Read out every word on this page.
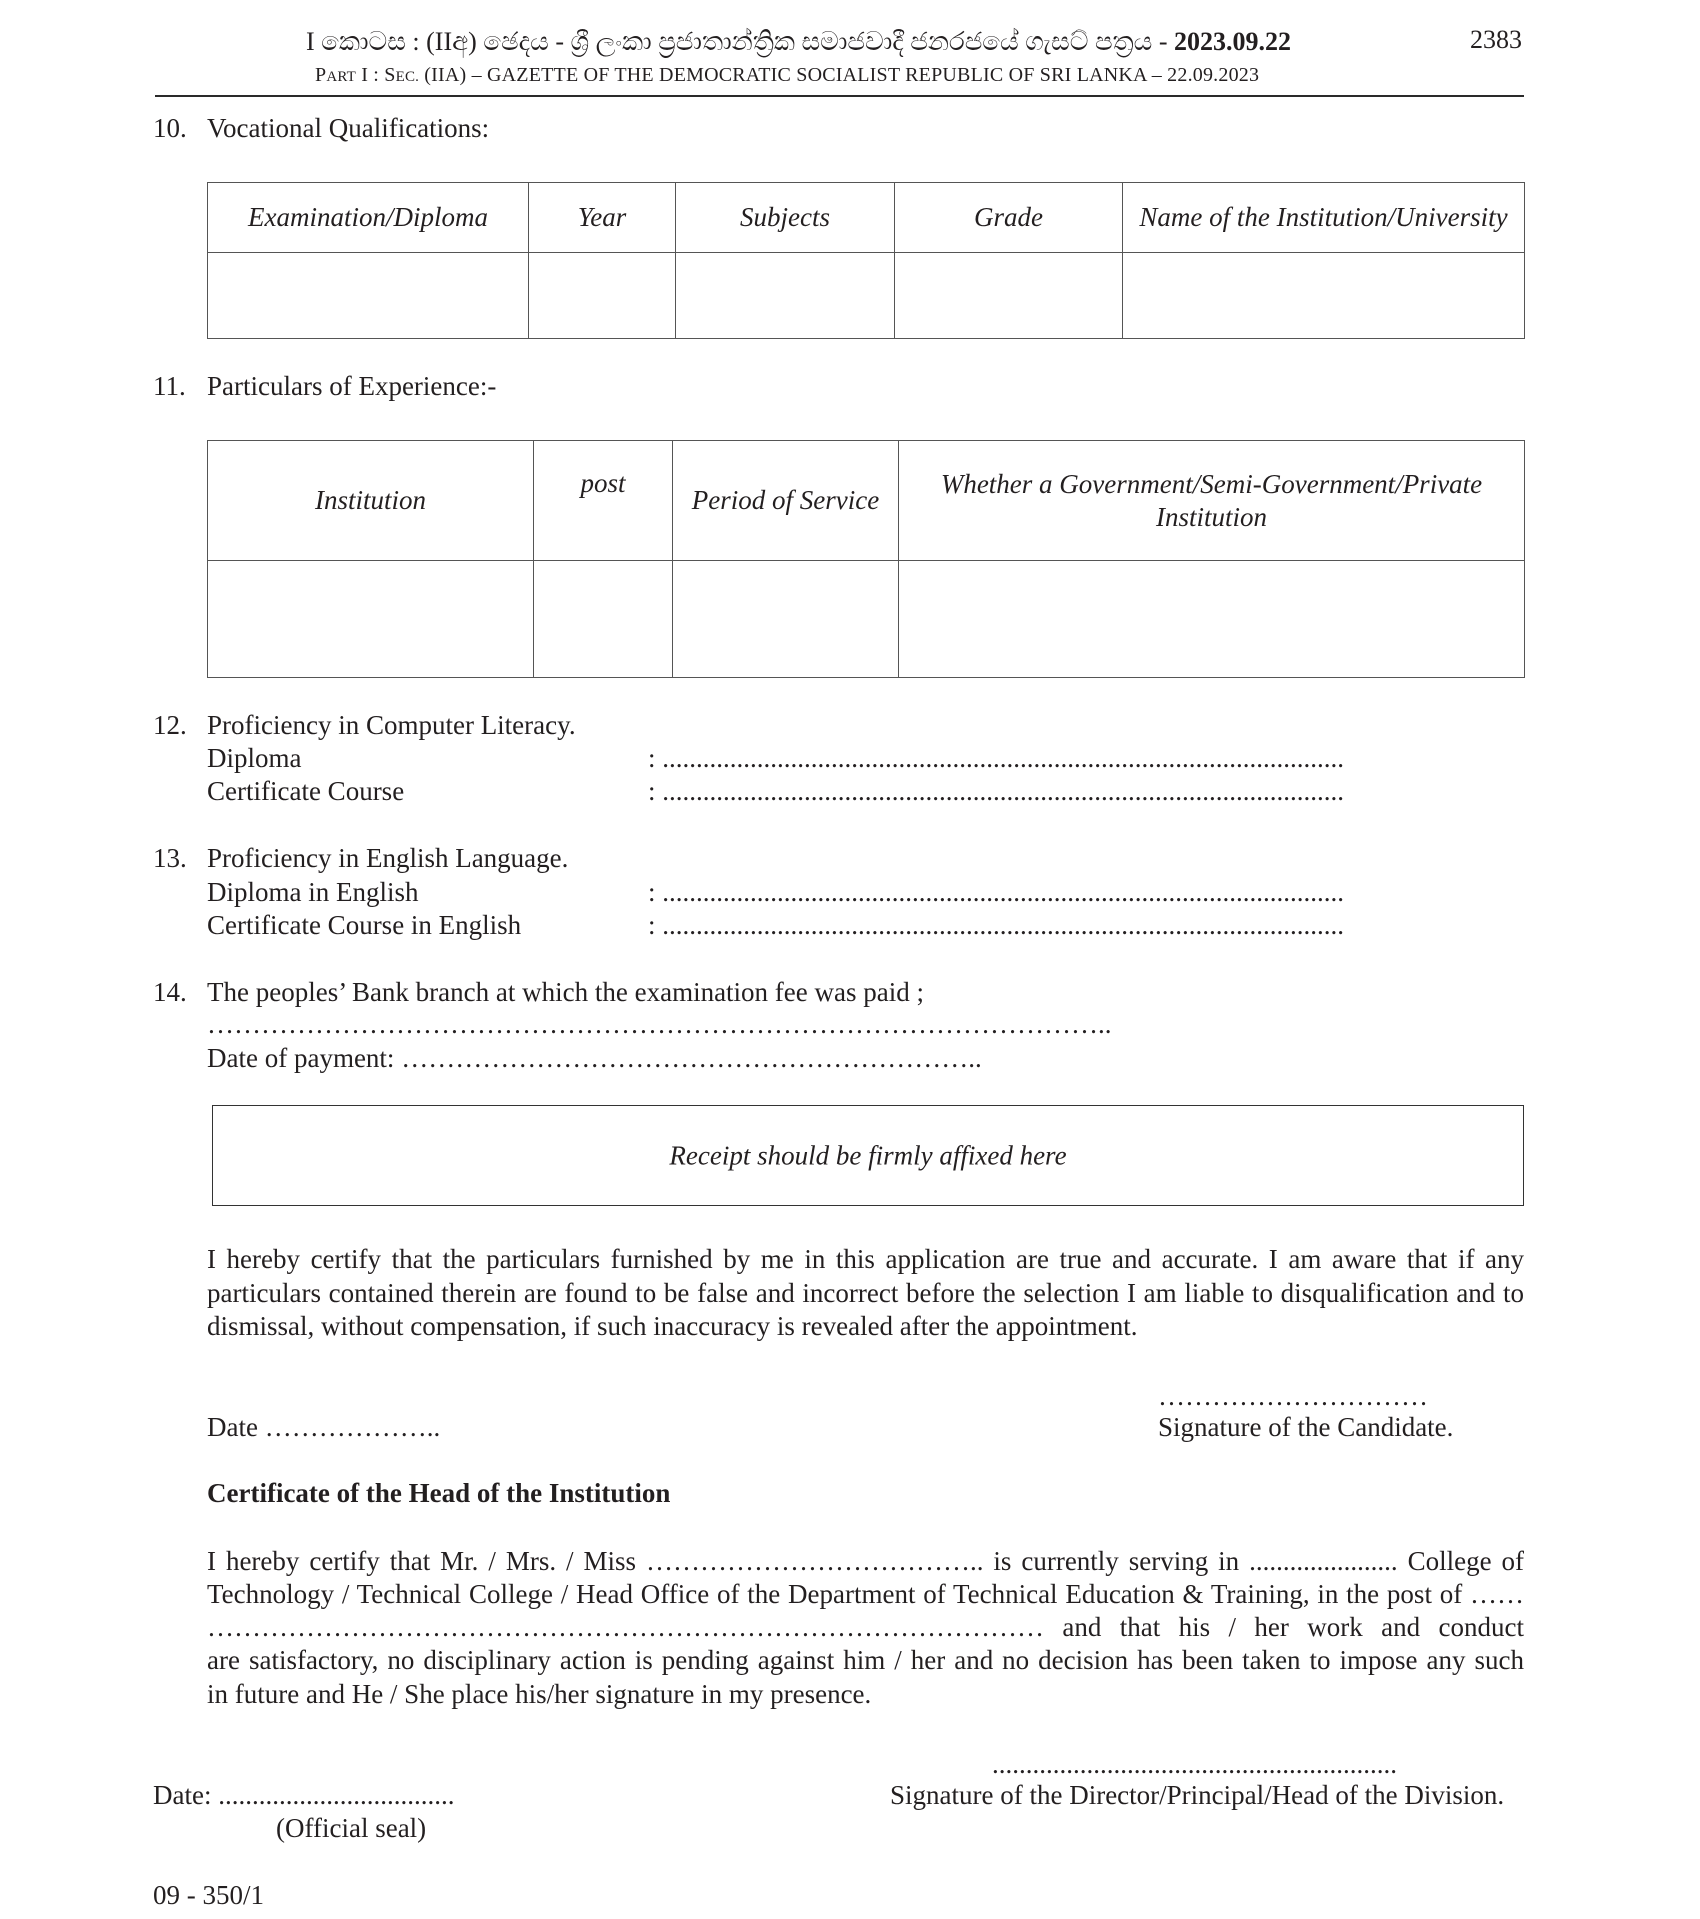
I කොටස : (IIඅ) ඡෙදය - ශ්‍රී ලංකා ප්‍රජාතාන්ත්‍රික සමාජවාදී ජනරජයේ ගැසට් පත්‍රය - 2023.09.22	2383
PART I : SEC. (IIA) – GAZETTE OF THE DEMOCRATIC SOCIALIST REPUBLIC OF SRI LANKA – 22.09.2023
10. Vocational Qualifications:
Examination/Diploma	Year	Subjects	Grade	Name of the Institution/University

11. Particulars of Experience:-
Institution	post	Period of Service	Whether a Government/Semi-Government/Private Institution

12. Proficiency in Computer Literacy.
Diploma	: .....................................................................................................
Certificate Course	: .....................................................................................................
13. Proficiency in English Language.
Diploma in English	: .....................................................................................................
Certificate Course in English	: .....................................................................................................
14. The peoples’ Bank branch at which the examination fee was paid ;
………………………………………………………………………………………..
Date of payment: ………………………………………………………..
Receipt should be firmly affixed here
I hereby certify that the particulars furnished by me in this application are true and accurate. I am aware that if any particulars contained therein are found to be false and incorrect before the selection I am liable to disqualification and to dismissal, without compensation, if such inaccuracy is revealed after the appointment.
…………………………
Date ………………..	Signature of the Candidate.
Certificate of the Head of the Institution
I hereby certify that Mr. / Mrs. / Miss ……………………………….. is currently serving in ...................... College of
Technology / Technical College / Head Office of the Department of Technical Education & Training, in the post of ……
………………………………………………………………………………… and that his / her work and conduct
are satisfactory, no disciplinary action is pending against him / her and no decision has been taken to impose any such
in future and He / She place his/her signature in my presence.
............................................................
Date: ...................................	Signature of the Director/Principal/Head of the Division.
(Official seal)
09 - 350/1
